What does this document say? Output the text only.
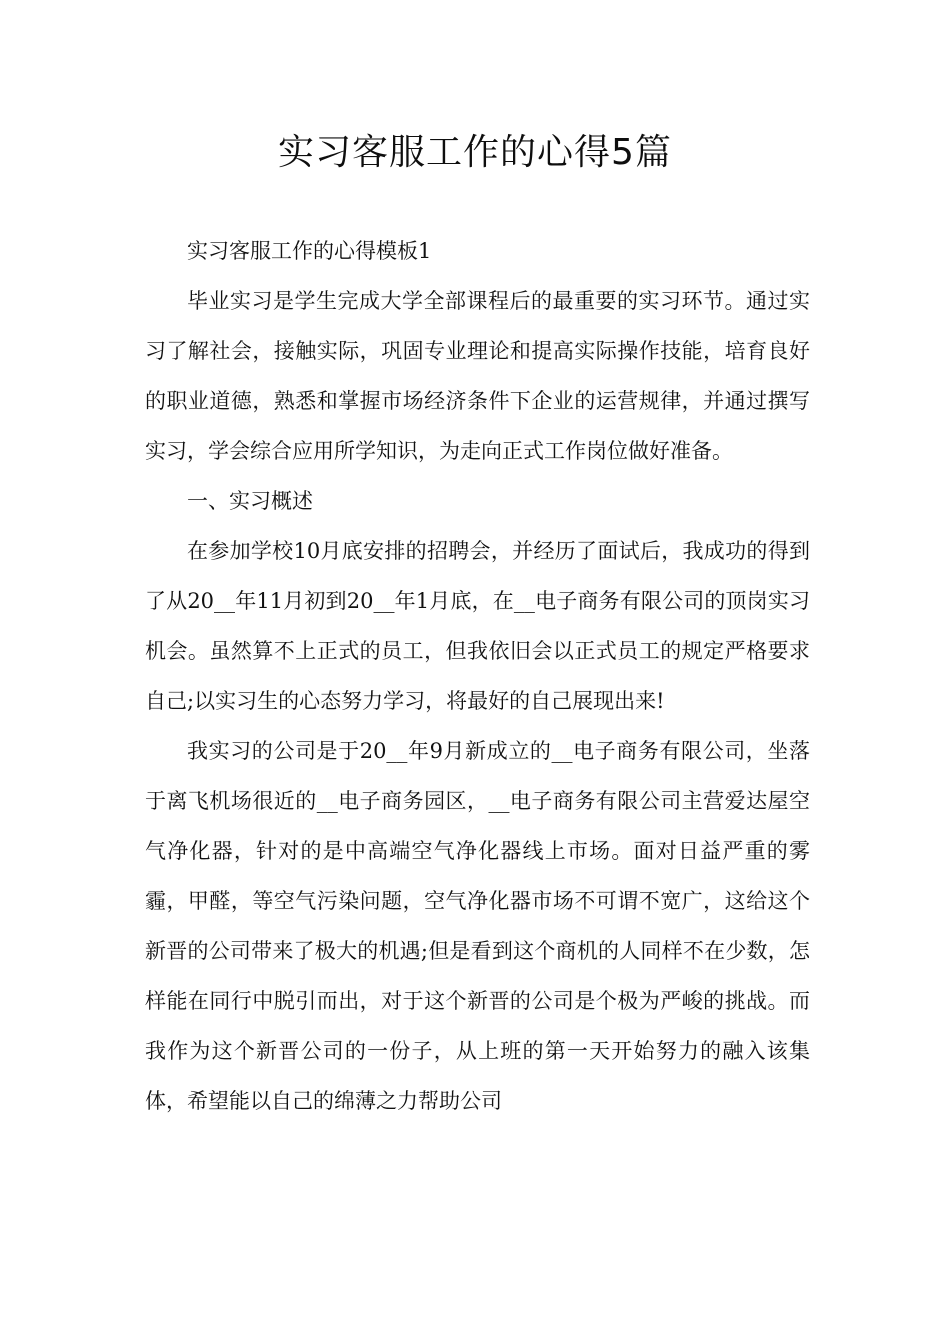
实习客服工作的心得5篇

实习客服工作的心得模板1

毕业实习是学生完成大学全部课程后的最重要的实习环节。通过实习了解社会，接触实际，巩固专业理论和提高实际操作技能，培育良好的职业道德，熟悉和掌握市场经济条件下企业的运营规律，并通过撰写实习，学会综合应用所学知识，为走向正式工作岗位做好准备。

一、实习概述

在参加学校10月底安排的招聘会，并经历了面试后，我成功的得到了从20__年11月初到20__年1月底，在__电子商务有限公司的顶岗实习机会。虽然算不上正式的员工，但我依旧会以正式员工的规定严格要求自己;以实习生的心态努力学习，将最好的自己展现出来!

我实习的公司是于20__年9月新成立的__电子商务有限公司，坐落于离飞机场很近的__电子商务园区，__电子商务有限公司主营爱达屋空气净化器，针对的是中高端空气净化器线上市场。面对日益严重的雾霾，甲醛，等空气污染问题，空气净化器市场不可谓不宽广，这给这个新晋的公司带来了极大的机遇;但是看到这个商机的人同样不在少数，怎样能在同行中脱引而出，对于这个新晋的公司是个极为严峻的挑战。而我作为这个新晋公司的一份子，从上班的第一天开始努力的融入该集体，希望能以自己的绵薄之力帮助公司
